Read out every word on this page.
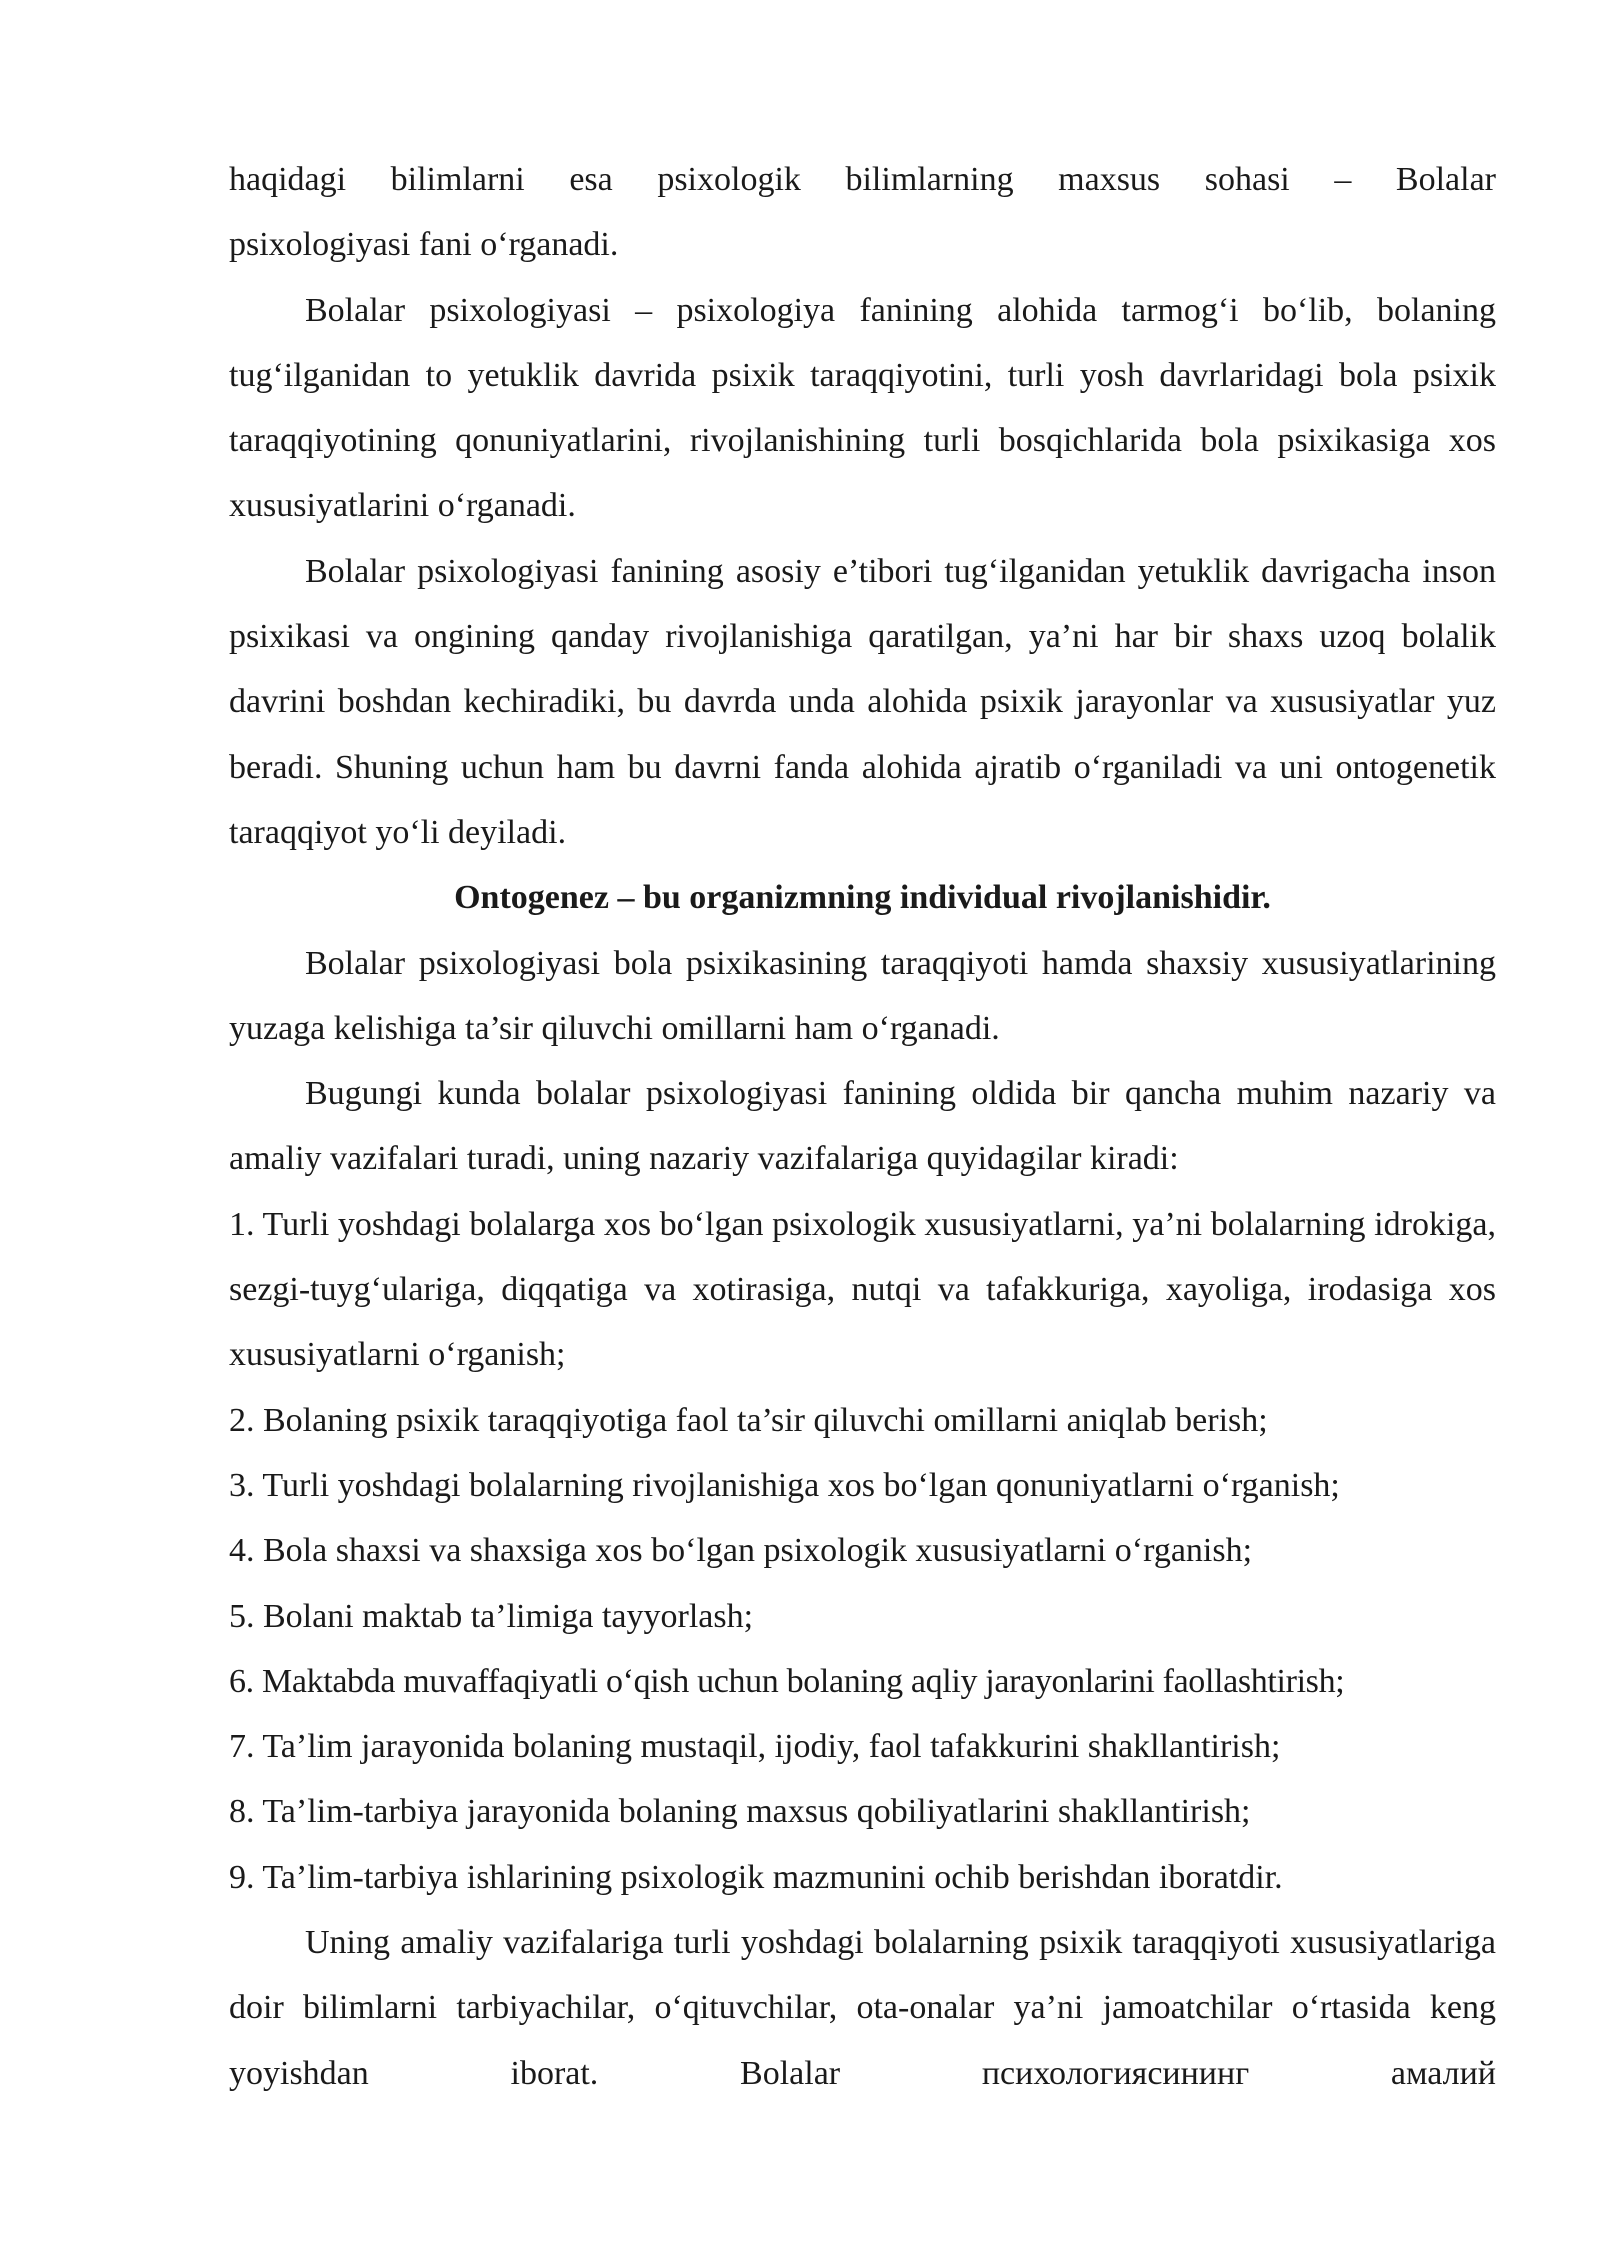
haqidagi bilimlarni esa psixologik bilimlarning maxsus sohasi – Bolalar

psixologiyasi fani o‘rganadi.

Bolalar psixologiyasi – psixologiya fanining alohida tarmog‘i bo‘lib, bolaning tug‘ilganidan to yetuklik davrida psixik taraqqiyotini, turli yosh davrlaridagi bola psixik taraqqiyotining qonuniyatlarini, rivojlanishining turli bosqichlarida bola psixikasiga xos xususiyatlarini o‘rganadi.

Bolalar psixologiyasi fanining asosiy e’tibori tug‘ilganidan yetuklik davrigacha inson psixikasi va ongining qanday rivojlanishiga qaratilgan, ya’ni har bir shaxs uzoq bolalik davrini boshdan kechiradiki, bu davrda unda alohida psixik jarayonlar va xususiyatlar yuz beradi. Shuning uchun ham bu davrni fanda alohida ajratib o‘rganiladi va uni ontogenetik taraqqiyot yo‘li deyiladi.

Ontogenez – bu organizmning individual rivojlanishidir.

Bolalar psixologiyasi bola psixikasining taraqqiyoti hamda shaxsiy xususiyatlarining yuzaga kelishiga ta’sir qiluvchi omillarni ham o‘rganadi.

Bugungi kunda bolalar psixologiyasi fanining oldida bir qancha muhim nazariy va amaliy vazifalari turadi, uning nazariy vazifalariga quyidagilar kiradi:

1. Turli yoshdagi bolalarga xos bo‘lgan psixologik xususiyatlarni, ya’ni bolalarning idrokiga, sezgi-tuyg‘ulariga, diqqatiga va xotirasiga, nutqi va tafakkuriga, xayoliga, irodasiga xos xususiyatlarni o‘rganish;

2. Bolaning psixik taraqqiyotiga faol ta’sir qiluvchi omillarni aniqlab berish;

3. Turli yoshdagi bolalarning rivojlanishiga xos bo‘lgan qonuniyatlarni o‘rganish;

4. Bola shaxsi va shaxsiga xos bo‘lgan psixologik xususiyatlarni o‘rganish;

5. Bolani maktab ta’limiga tayyorlash;

6. Maktabda muvaffaqiyatli o‘qish uchun bolaning aqliy jarayonlarini faollashtirish;

7. Ta’lim jarayonida bolaning mustaqil, ijodiy, faol tafakkurini shakllantirish;

8. Ta’lim-tarbiya jarayonida bolaning maxsus qobiliyatlarini shakllantirish;

9. Ta’lim-tarbiya ishlarining psixologik mazmunini ochib berishdan iboratdir.

Uning amaliy vazifalariga turli yoshdagi bolalarning psixik taraqqiyoti xususiyatlariga doir bilimlarni tarbiyachilar, o‘qituvchilar, ota-onalar ya’ni jamoatchilar o‘rtasida keng yoyishdan iborat. Bolalar психологиясининг амалий
